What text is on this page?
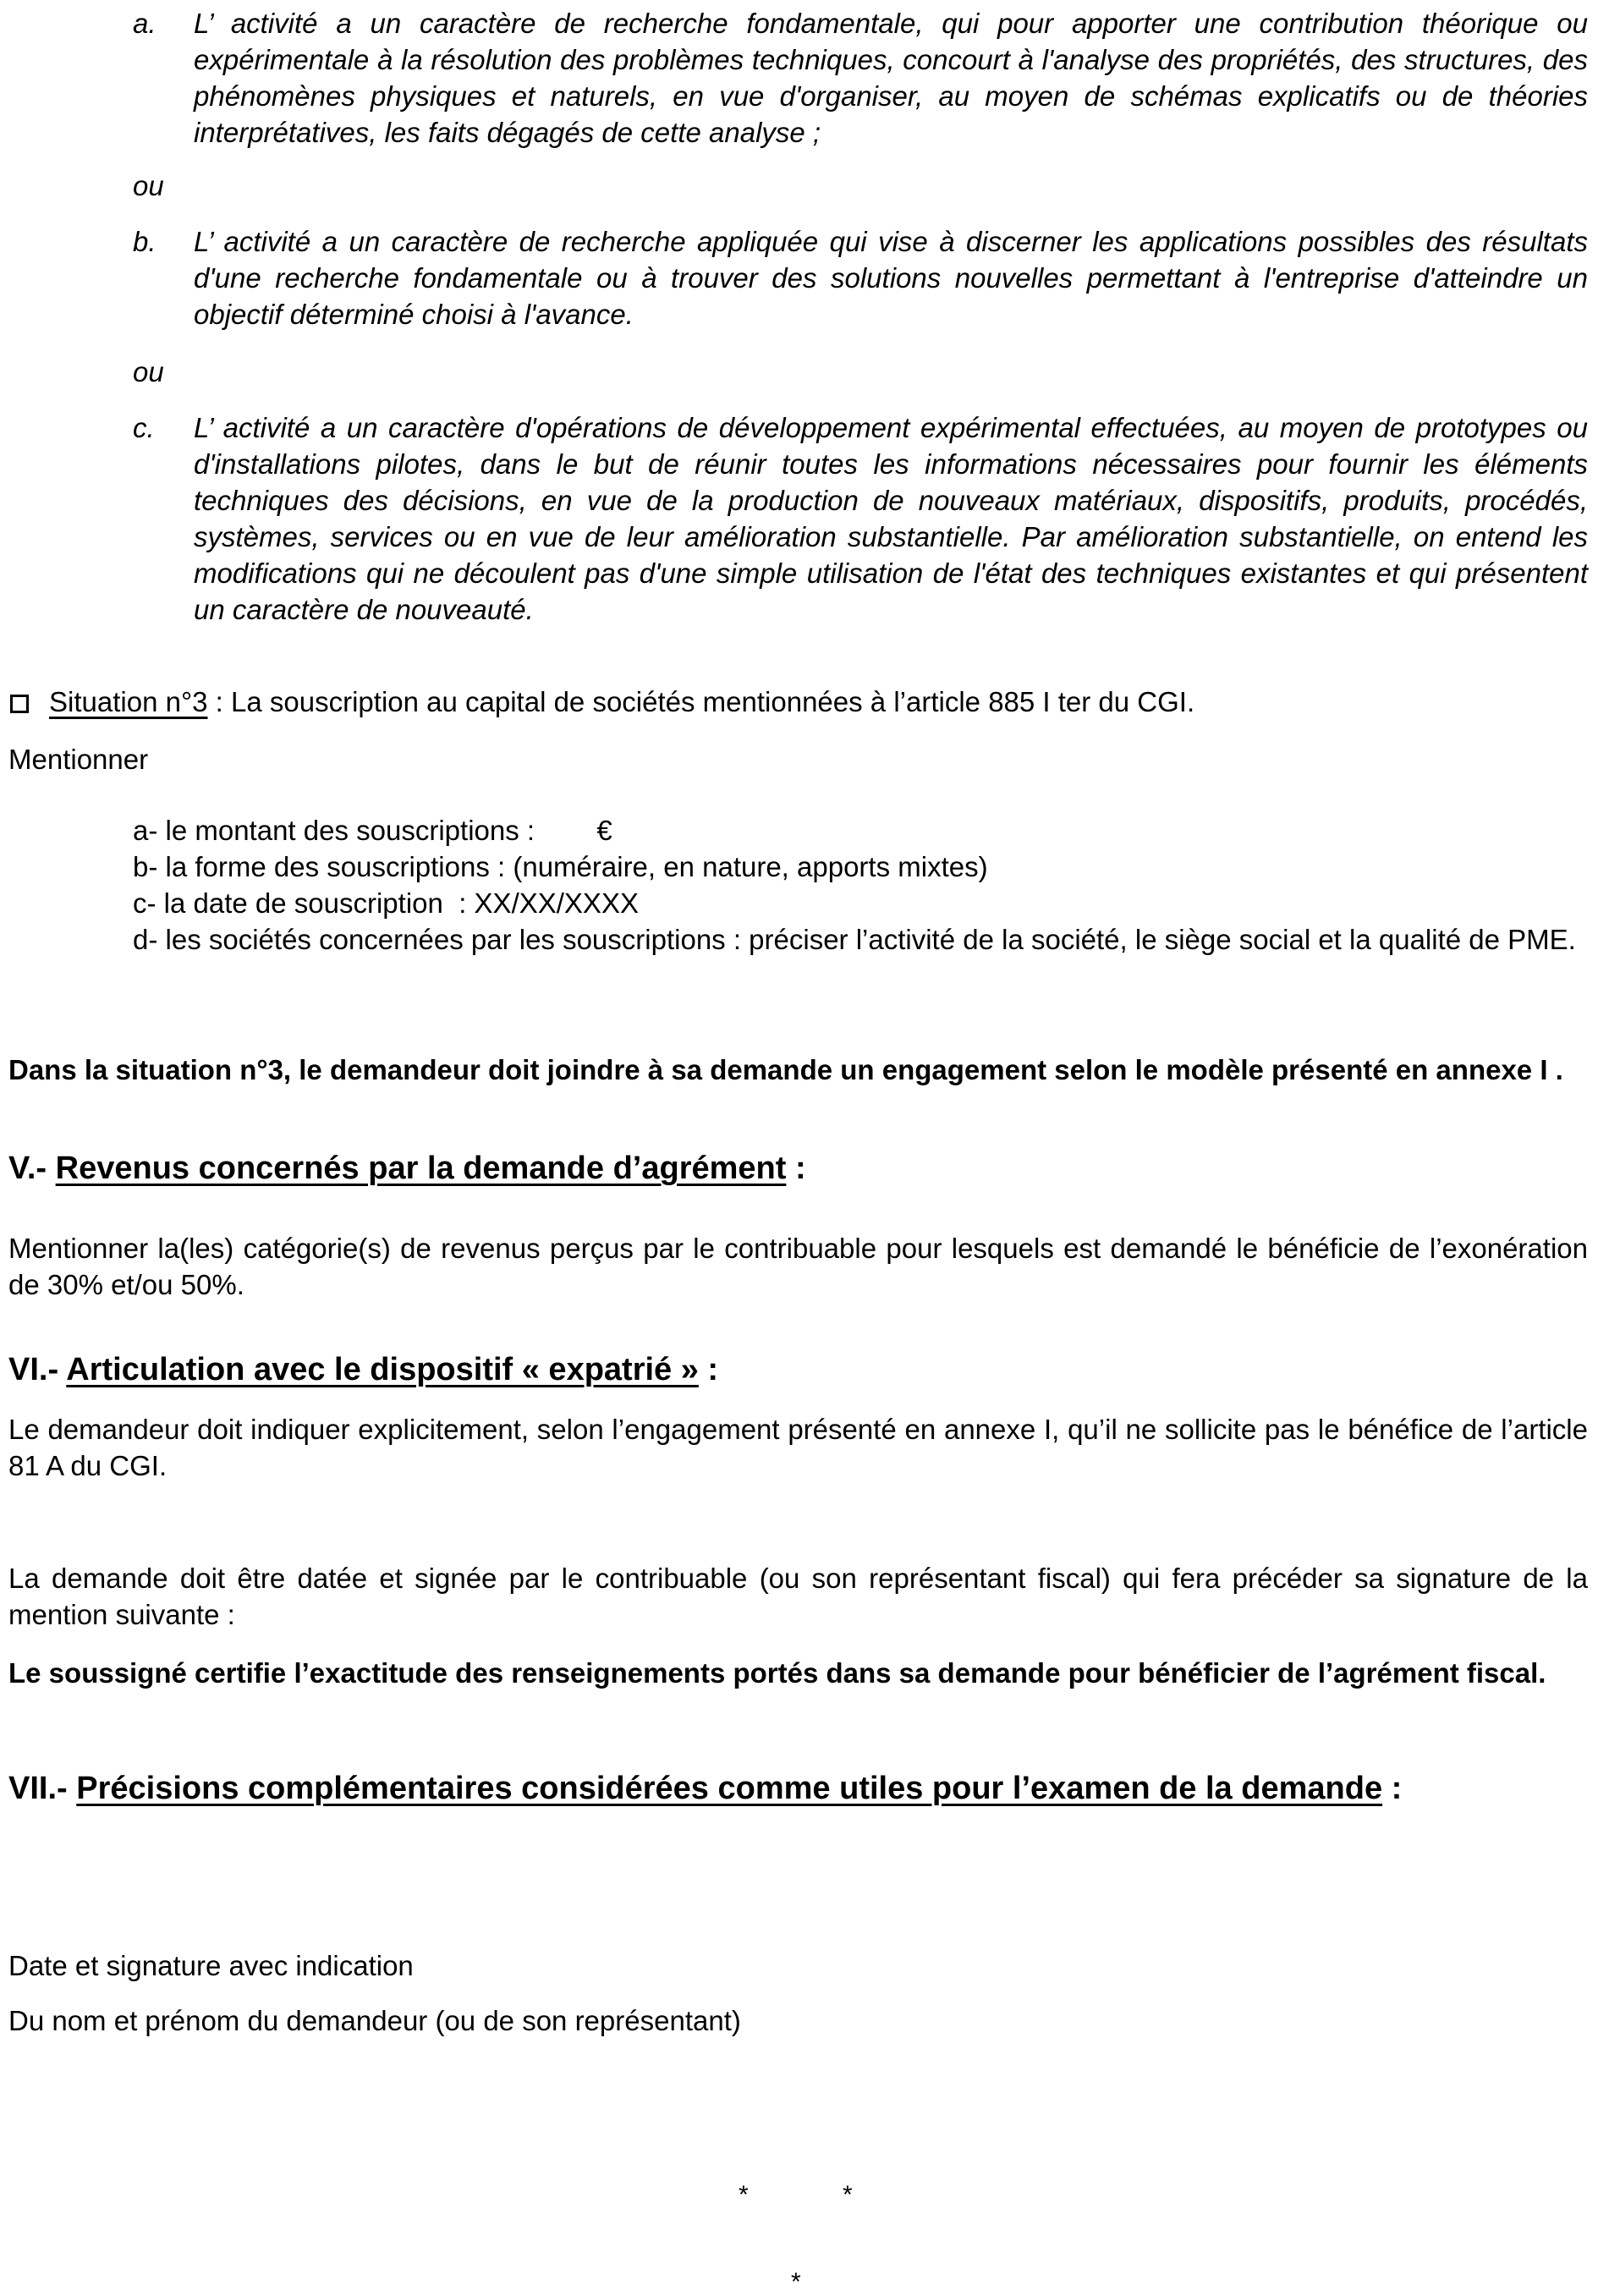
a.	L’ activité a un caractère de recherche fondamentale, qui pour apporter une contribution théorique ou expérimentale à la résolution des problèmes techniques, concourt à l'analyse des propriétés, des structures, des phénomènes physiques et naturels, en vue d'organiser, au moyen de schémas explicatifs ou de théories interprétatives, les faits dégagés de cette analyse ;
ou
b.	L’ activité a un caractère de recherche appliquée qui vise à discerner les applications possibles des résultats d'une recherche fondamentale ou à trouver des solutions nouvelles permettant à l'entreprise d'atteindre un objectif déterminé choisi à l'avance.
ou
c.	L’ activité a un caractère d'opérations de développement expérimental effectuées, au moyen de prototypes ou d'installations pilotes, dans le but de réunir toutes les informations nécessaires pour fournir les éléments techniques des décisions, en vue de la production de nouveaux matériaux, dispositifs, produits, procédés, systèmes, services ou en vue de leur amélioration substantielle. Par amélioration substantielle, on entend les modifications qui ne découlent pas d'une simple utilisation de l'état des techniques existantes et qui présentent un caractère de nouveauté.
Situation n°3 : La souscription au capital de sociétés mentionnées à l’article 885 I ter du CGI.
Mentionner
a- le montant des souscriptions :        €
b- la forme des souscriptions : (numéraire, en nature, apports mixtes)
c- la date de souscription  : XX/XX/XXXX
d- les sociétés concernées par les souscriptions : préciser l’activité de la société, le siège social et la qualité de PME.
Dans la situation n°3, le demandeur doit joindre à sa demande un engagement selon le modèle présenté en annexe I .
V.- Revenus concernés par la demande d’agrément :
Mentionner la(les) catégorie(s) de revenus perçus par le contribuable pour lesquels est demandé le bénéficie de l’exonération de 30% et/ou 50%.
VI.- Articulation avec le dispositif « expatrié » :
Le demandeur doit indiquer explicitement, selon l’engagement présenté en annexe I, qu’il ne sollicite pas le bénéfice de l’article 81 A du CGI.
La demande doit être datée et signée par le contribuable (ou son représentant fiscal) qui fera précéder sa signature de la mention suivante :
Le soussigné certifie l’exactitude des renseignements portés dans sa demande pour bénéficier de l’agrément fiscal.
VII.- Précisions complémentaires considérées comme utiles pour l’examen de la demande :
Date et signature avec indication
Du nom et prénom du demandeur (ou de son représentant)
*	*
*
